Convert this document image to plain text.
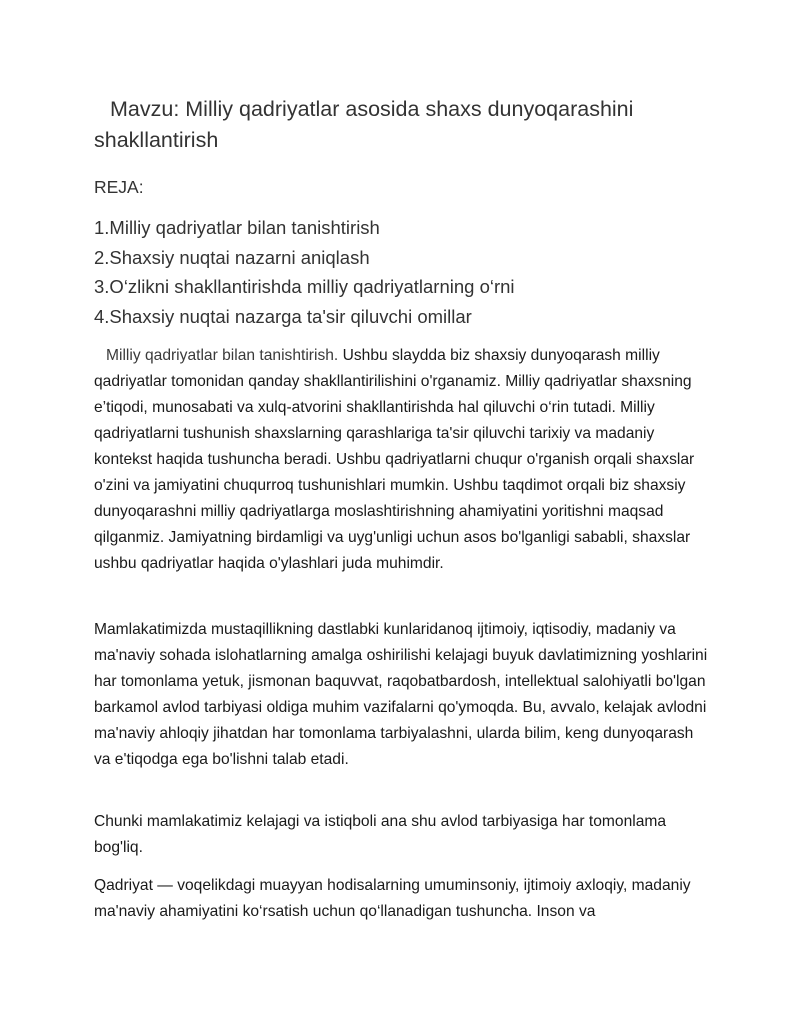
Mavzu: Milliy qadriyatlar asosida shaxs dunyoqarashini shakllantirish

REJA:

1.Milliy qadriyatlar bilan tanishtirish
2.Shaxsiy nuqtai nazarni aniqlash
3.O‘zlikni shakllantirishda milliy qadriyatlarning o‘rni
4.Shaxsiy nuqtai nazarga ta'sir qiluvchi omillar

Milliy qadriyatlar bilan tanishtirish. Ushbu slaydda biz shaxsiy dunyoqarash milliy qadriyatlar tomonidan qanday shakllantirilishini o'rganamiz. Milliy qadriyatlar shaxsning e’tiqodi, munosabati va xulq-atvorini shakllantirishda hal qiluvchi o‘rin tutadi. Milliy qadriyatlarni tushunish shaxslarning qarashlariga ta'sir qiluvchi tarixiy va madaniy kontekst haqida tushuncha beradi. Ushbu qadriyatlarni chuqur o'rganish orqali shaxslar o'zini va jamiyatini chuqurroq tushunishlari mumkin. Ushbu taqdimot orqali biz shaxsiy dunyoqarashni milliy qadriyatlarga moslashtirishning ahamiyatini yoritishni maqsad qilganmiz. Jamiyatning birdamligi va uyg'unligi uchun asos bo'lganligi sababli, shaxslar ushbu qadriyatlar haqida o'ylashlari juda muhimdir.

Mamlakatimizda mustaqillikning dastlabki kunlaridanoq ijtimoiy, iqtisodiy, madaniy va ma'naviy sohada islohatlarning amalga oshirilishi kelajagi buyuk davlatimizning yoshlarini har tomonlama yetuk, jismonan baquvvat, raqobatbardosh, intellektual salohiyatli bo'lgan barkamol avlod tarbiyasi oldiga muhim vazifalarni qo'ymoqda. Bu, avvalo, kelajak avlodni ma'naviy ahloqiy jihatdan har tomonlama tarbiyalashni, ularda bilim, keng dunyoqarash va e'tiqodga ega bo'lishni talab etadi.

Chunki mamlakatimiz kelajagi va istiqboli ana shu avlod tarbiyasiga har tomonlama bog'liq.

Qadriyat — voqelikdagi muayyan hodisalarning umuminsoniy, ijtimoiy axloqiy, madaniy ma'naviy ahamiyatini ko‘rsatish uchun qo‘llanadigan tushuncha. Inson va
